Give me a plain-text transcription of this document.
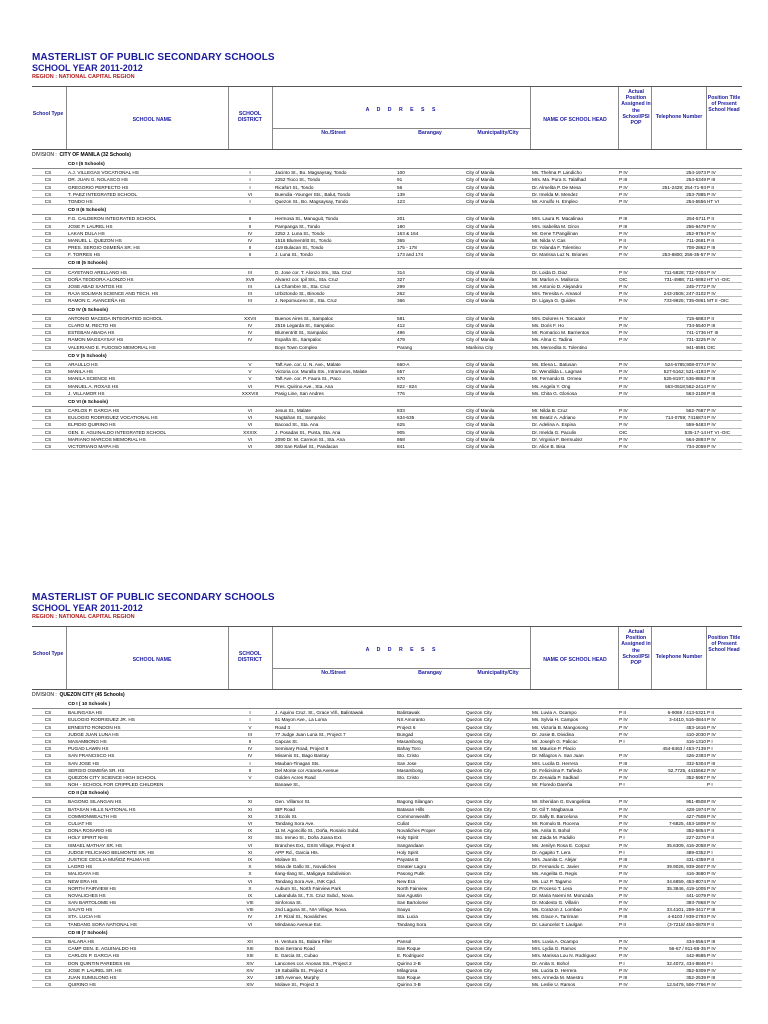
MASTERLIST OF PUBLIC SECONDARY SCHOOLS
SCHOOL YEAR 2011-2012
REGION : NATIONAL CAPITAL REGION
School Type
SCHOOL NAME
SCHOOL DISTRICT
A D D R E S S
No./Street	Barangay	Municipality/City
NAME OF SCHOOL HEAD
Actual Position Assigned in the School/PSI POP
Telephone Number
Position Title of Present School Head
DIVISION :  CITY OF MANILA (32 Schools)
CD I (5 Schools)
CS	A.J. VILLEGAS VOCATIONAL HS	I	Jacinto St., Bo. Magsaysay, Tondo	100	City of Manila	Ms. Thelma P. Landicho	P IV	254-1973 P IV
CS	DR. JUAN G. NOLASCO HS	I	2252 Tioco St., Tondo	91	City of Manila	Mrs. Ma. Pura S. Talalhad	P III	254-5349 P III
CS	GREGORIO PERFECTO HS	I	Ricafort St., Tondo	56	City of Manila	Dr. Almelita P. De Mesa	P IV	251-2429; 254-71-93 P II
CS	T. PAEZ INTEGRATED SCHOOL	VI	Buendia -Younger Sts., Balut, Tondo	139	City of Manila	Dr. Imelda M. Mendez	P IV	253-7885 P IV
CS	TONDO HS	I	Quezon St., Bo. Magsaysay, Tondo	123	City of Manila	Mr. Arnulfo H. Empleo	P IV	254-5556 HT VI
CD II (6 Schools)
CS	F.G. CALDERON INTEGRATED SCHOOL	II	Hermosa St., Manuguit, Tondo	201	City of Manila	Mrs. Laura R. Macalinao	P III	254-5711 P II
CS	JOSE P. LAUREL HS	II	Pampanga St., Tondo	180	City of Manila	Mrs. Isabelita M. Giron	P III	256-9479 P IV
CS	LAKAN DULA HS	IV	2252 J. Luna St., Tondo	163 & 164	City of Manila	Mr. Gene T.Pangilinan	P IV	252-9794 P IV
CS	MANUEL L. QUEZON HS	IV	1516 Blumentritt St., Tondo	365	City of Manila	Mr. Nilda V. Cas	P II	711-2681 P II
CS	PRES. SERGIO OSMEÑA SR. HS	II	419 Bulacan St., Tondo	175 - 178	City of Manila	Dr. Yolanda F. Tolentino	P IV	708-2862 P III
CS	F. TORRES HS	II	J. Luna St., Tondo	173 and 174	City of Manila	Dr. Marissa Luz N. Briones	P IV	253-8800; 256-35-57 P IV
CD III (5 Schools)
CS	CAYETANO ARELLANO HS	III	D. Jose cor. T. Alonzo Sts., Sta. Cruz	314	City of Manila	Dr. Loida D. Diaz	P IV	711-5828; 732-7404 P IV
CS	DOÑA TEODORA ALONZO HS	XVII	Alvarez cor. Ipil Sts., Sta. Cruz	327	City of Manila	Mr. Marlon A. Mallorca	OIC	731-4988; 711-5892 HT VI -OIC
CS	JOSE ABAD SANTOS HS	III	La Chambre St., Sta. Cruz	299	City of Manila	Mr. Antonio D. Alejandro	P IV	245-7772 P IV
CS	RAJA SOLIMAN SCIENCE AND TECH. HS	III	Urbiztondo St., Binondo	262	City of Manila	Mrs. Teresita A. Amasol	P IV	243-2505; 247-3102 P IV
CS	RAMON C. AVANCEÑA HS	III	J. Nepomuceno St., Sta. Cruz	366	City of Manila	Dr. Ligaya G. Quides	P IV	733-9925; 735-0861 MT II -OIC
CD IV (5 Schools)
CS	ANTONIO MACEDA INTEGRATED SCHOOL	XXVII	Buenos Aires St., Sampaloc	581	City of Manila	Mrs. Dolores H. Torcuator	P IV	715-6883 P II
CS	CLARO M. RECTO HS	IV	2516 Legarda St., Sampaloc	412	City of Manila	Ms. Doris F. Ho	P IV	734-5540 P III
CS	ESTEBAN ABADA HS	IV	Blumentritt St., Sampaloc	496	City of Manila	Mr. Romarico M. Barrientos	P IV	741-1736 HT III
CS	RAMON MAGSAYSAY HS	IV	España St., Sampaloc	479	City of Manila	Ms. Alma C. Tadina	P IV	731-3225 P IV
CS	VALERIANO E. FUGOSO MEMORIAL HS	Boys Town Complex	Parang	Marikina City	Ms. Mercedita S. Tolentino	941-6591 OIC
CD V (5 Schools)
CS	ARAULLO HS	V	Taft Ave. cor. U. N. Ave., Malate	660-A	City of Manila	Ms. Elena L. Batusan	P IV	524-6785;908-0774 P IV
CS	MANILA HS	V	Victoria cor. Muralla Sts., Intramuros, Malate	657	City of Manila	Dr. Wendilda L. Lagman	P IV	527-5162; 521-4193 P IV
CS	MANILA SCIENCE HS	V	Taft Ave. cor. P. Faura St., Paco	670	City of Manila	Mr. Fernando B. Ormea	P IV	525-8197; 536-8862 P III
CS	MANUEL A. ROXAS HS	VI	Pres. Quirino Ave., Sta. Ana	822 - 824	City of Manila	Ms. Angela Y. Ong	P IV	563-0618;562-2414 P IV
CS	J. VILLAMOR HS	XXXVIII	Pasig Line, San Andres	776	City of Manila	Ms. Chita G. Gloriosa	P IV	563-2108 P III
CD VI (6 Schools)
CS	CARLOS P. GARCIA HS	VI	Jesus St., Malate	833	City of Manila	Mr. Nilda B. Cruz	P IV	562-7687 P IV
CS	EULOGIO RODRIGUEZ VOCATIONAL HS	VI	Nagtahan St., Sampaloc	634-635	City of Manila	Mr. Beatiz A. Adriano	P IV	714-0759; 7416874 P IV
CS	ELPIDIO QUIRINO HS	VI	Bacood St., Sta. Ana	625	City of Manila	Dr. Adelina A. Espina	P IV	559-5483 P IV
CS	GEN. E. AGUINALDO INTEGRATED SCHOOL	XXXIX	J. Posadas St., Punta, Sta. Ana	905	City of Manila	Dr. Imelda G. Paculin	OIC	535-17-14 HT VI -OIC
CS	MARIANO MARCOS MEMORIAL HS	VI	2090 Dr. M. Carreon St., Sta. Ana	868	City of Manila	Dr. Virginia F. Bermudez	P IV	564-2893 P IV
CS	VICTORIANO MAPA HS	VI	300 San Rafael St., Pandacan	841	City of Manila	Dr. Alice B. Bisa	P IV	734-2059 P IV
MASTERLIST OF PUBLIC SECONDARY SCHOOLS
SCHOOL YEAR 2011-2012
REGION : NATIONAL CAPITAL REGION
School Type
SCHOOL NAME
SCHOOL DISTRICT
A D D R E S S
No./Street	Barangay	Municipality/City
NAME OF SCHOOL HEAD
Actual Position Assigned in the School/PSI POP
Telephone Number
Position Title of Present School Head
DIVISION :  QUEZON CITY (45 Schools)
CD I ( 10 Schools )
CS	BALINGASA HS	I	J. Aquino Cruz. St., Grace Vill., Balintawak	Balintawak	Quezon City	Ms. Luvia A. Ocampo	P II	6-9069 / 413-5321 P II
CS	EULOGIO RODRIGUEZ JR. HS	I	51 Mayon Ave., La Loma	NS Amoranto	Quezon City	Ms. Sylvia H. Campos	P IV	3-4410, 516-0844 P IV
CS	ERNESTO RONDON HS	V	Road 3	Project 6	Quezon City	Ms. Victoria B. Mangosong	P IV	453-1616 P IV
CS	JUDGE JUAN LUNA HS	III	77 Judge Juan Luna St., Project 7	Bungad	Quezon City	Dr. Josie B. Dividina	P IV	410-2030 P IV
CS	MASAMBONG HS	II	Capcas St.	Masambong	Quezon City	Mr. Joseph G. Palicoc	P I	416-1310 P I
CS	PUGAD LAWIN HS	IV	Seminary Road, Project 8	Bahay Toro	Quezon City	Mr. Maurice P. Placio	454-8463 / 453-7139 P I
CS	SAN FRANCISCO HS	IV	Misamis St., Bago Bantay	Sto. Cristo	Quezon City	Dr. Milagros A. San Juan	P IV	426-2393 P IV
CS	SAN JOSE HS	I	Mauban-Tinagan Sts.	San Jose	Quezon City	Mrs. Lucila D. Herrera	P III	332-5304 P III
CS	SERGIO OSMEÑA SR. HS	II	Del Monte cor Araneta Avenue	Masambong	Quezon City	Dr. Felicisima F. Tañedo	P IV	52.7725, 4415662 P IV
CS	QUEZON CITY SCIENCE HIGH SCHOOL	V	Golden Acres Road	Sto. Cristo	Quezon City	Dr. Zenaida P. Sadkad	P IV	352-5957 P IV
SS	NOH - SCHOOL FOR CRIPPLED CHILDREN	Banawe St.,	Quezon City	Mr. Floredo Dareña	P I	P I
CD II (18 Schools)
CS	BAGONG SILANGAN HS	XI	Gen. Villamor St.	Bagong Silangan	Quezon City	Mr. Sheridan G. Evangelista	P IV	951-8508 P IV
CS	BATASAN HILLS NATIONAL HS	XI	IBP Road	Batasan Hills	Quezon City	Dr. Gil T. Magbanua	P IV	428-1974 P IV
CS	COMMONWEALTH HS	XI	3 Ecols St.	Commonwealth	Quezon City	Dr. Sally B. Barcelona	P IV	427-7508 P IV
CS	CULIAT HS	VI	Tandang Sora Ave.	Culiat	Quezon City	Mr. Romulo B. Rocena	P IV	7-6825, 453-1809 P IV
CS	DONA ROSARIO HS	IX	11 M. Agoncillo St., Doña, Rosario Subd.	Novaliches Proper	Quezon City	Ms. Anita S. Bohol	P IV	352-5854 P II
CS	HOLY SPIRIT NHS	XI	Sto. Ireneo St., Doña Juana Ext.	Holy Spirit	Quezon City	Mr. Zaida M. Padullo	P I	227-2276 P II
CS	ISMAEL MATHAY SR. HS	VI	Branches Ext., GSIS Village, Project 8	Sangandaan	Quezon City	Ms. Jenilyn Rosa E. Corpuz	P IV	35.6309, 416-2058 P IV
CS	JUDGE FELICIANO BELMONTE SR. HS	XI	APP Rd., Garcia Hts.	Holy Spirit	Quezon City	Dr. Agapito T. Lera	P I	489-0352 P I
CS	JUSTICE CECILIA MUÑOZ PALMA HS	IX	Molave St.	Payatas B	Quezon City	Mrs. Juanita C. Alejar	P III	431-4359 P II
CS	LAGRO HS	X	Misa de Gallo St., Novaliches	Greater Lagro	Quezon City	Dr. Fernando C. Javier	P IV	39.9026, 939-2607 P IV
CS	MALIGAYA HS	X	Ilang-Ilang St., Maligaya Subdivision	Pasong Putik	Quezon City	Ms. Angelita G. Regis	P IV	416-3680 P IV
CS	NEW ERA HS	VI	Tandang Sora Ave., INK Cpd.	New Era	Quezon City	Ms. Luz P. Tagamo	P IV	34.6859, 453-8074 P IV
CS	NORTH FAIRVIEW HS	X	Auburn St., North Fairview Park	North Fairview	Quezon City	Dr. Proceso T. Lera	P IV	35.3846, 419-1005 P IV
CS	NOVALICHES HS	IX	Lakandula St., T.S. Cruz Subd., Nova.	San Agustin	Quezon City	Dr. Maria Noemi M. Moncada	P IV	441-1079 P IV
CS	SAN BARTOLOME HS	VIII	Sinforosa St.	San Bartolome	Quezon City	Dr. Modesto G. Villarin	P IV	393-7868 P IV
CS	SAUYO HS	VIII	2nd Laguna St., NIA Village, Nova.	Sauyo	Quezon City	Ms. Corazon J. Lombao	P IV	33.4101, 259-3417 P III
CS	STA. LUCIA HS	IV	J.P. Rizal St., Novaliches	Sta. Lucia	Quezon City	Ms. Grace A. Tarriman	P III	4-6103 / 939-2793 P IV
CS	TANDANG SORA NATIONAL HS	VI	Mindanao Avenue Ext.	Tandang Sora	Quezon City	Dr. Launcelot T. Laulgan	P II	(3-7218/ 454-0878 P II
CD III (7 Schools)
CS	BALARA HS	XII	H. Ventura St., Balara Filter	Pansol	Quezon City	Mrs. Luvia A. Ocampo	P IV	434-5564 P III
CS	CAMP GEN. E. AGUINALDO HS	XIII	Boni Serrano Road	San Roque	Quezon City	Mrs. Lydia G. Ramos	P IV	56-67 / 911-88-35 P IV
CS	CARLOS P. GARCIA HS	XIII	E. Garcia St., Cubao	E. Rodriguez	Quezon City	Mrs. Marissa Lou N. Rodriguez	P IV	442-9585 P IV
CS	DON QUINTIN PAREDES HS	XIV	Lancones cor. Anonas Sts., Project 2	Quirino 2-B	Quezon City	Dr. Anita S. Bohol	P I	32.4072, 434-8846 P I
CS	JOSE P. LAUREL SR. HS	XIV	19 Sabalilla St., Project 4	Milagrosa	Quezon City	Ms. Lucita D. Herrera	P IV	352-5309 P IV
CS	JUAN SUMULONG HS	XV	18th Avenue, Murphy	San Roque	Quezon City	Mrs. Armeda M. Maestro	P III	352-2539 P III
CS	QUIRINO HS	XIV	Molave St., Project 3	Quirino 3-B	Quezon City	Ms. Leslie U. Ramos	P IV	12.5479, 506-7766 P IV
